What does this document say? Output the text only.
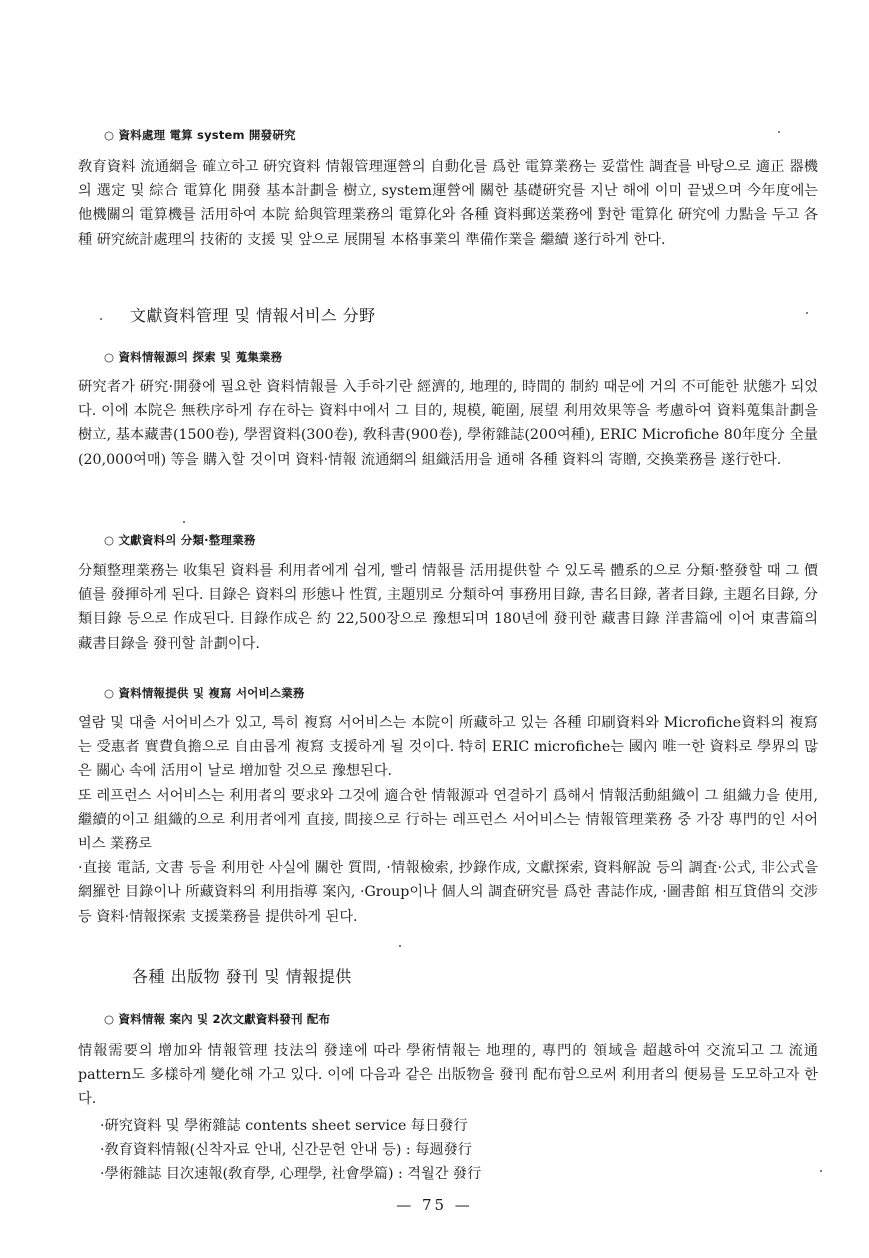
○ 資料處理 電算 system 開發硏究

敎育資料 流通網을 確立하고 硏究資料 情報管理運營의 自動化를 爲한 電算業務는 妥當性 調査를 바탕으로 適正 器機의 選定 및 綜合 電算化 開發 基本計劃을 樹立, system運營에 關한 基礎硏究를 지난 해에 이미 끝냈으며 今年度에는 他機關의 電算機를 活用하여 本院 給與管理業務의 電算化와 各種 資料郵送業務에 對한 電算化 硏究에 力點을 두고 各種 硏究統計處理의 技術的 支援 및 앞으로 展開될 本格事業의 準備作業을 繼續 遂行하게 한다.

文獻資料管理 및 情報서비스 分野
○ 資料情報源의 探索 및 蒐集業務

硏究者가 硏究·開發에 필요한 資料情報를 入手하기란 經濟的, 地理的, 時間的 制約 때문에 거의 不可能한 狀態가 되었다. 이에 本院은 無秩序하게 存在하는 資料中에서 그 目的, 規模, 範圍, 展望 利用效果等을 考慮하여 資料蒐集計劃을 樹立, 基本藏書(1500卷), 學習資料(300卷), 敎科書(900卷), 學術雜誌(200여種), ERIC Microfiche 80年度分 全量(20,000여매) 等을 購入할 것이며 資料·情報 流通網의 組織活用을 通해 各種 資料의 寄贈, 交換業務를 遂行한다.

○ 文獻資料의 分類·整理業務

分類整理業務는 收集된 資料를 利用者에게 쉽게, 빨리 情報를 活用提供할 수 있도록 體系的으로 分類·整發할 때 그 價値를 發揮하게 된다. 目錄은 資料의 形態나 性質, 主題別로 分類하여 事務用目錄, 書名目錄, 著者目錄, 主題名目錄, 分類目錄 등으로 作成된다. 目錄作成은 約 22,500장으로 豫想되며 180년에 發刊한 藏書目錄 洋書篇에 이어 東書篇의 藏書目錄을 發刊할 計劃이다.

○ 資料情報提供 및 複寫 서어비스業務

열람 및 대출 서어비스가 있고, 특히 複寫 서어비스는 本院이 所藏하고 있는 各種 印刷資料와 Microfiche資料의 複寫는 受惠者 實費負擔으로 自由롭게 複寫 支援하게 될 것이다. 特히 ERIC microfiche는 國內 唯一한 資料로 學界의 많은 關心 속에 活用이 날로 增加할 것으로 豫想된다.

또 레프런스 서어비스는 利用者의 要求와 그것에 適合한 情報源과 연결하기 爲해서 情報活動組織이 그 組織力을 使用, 繼續的이고 組織的으로 利用者에게 直接, 間接으로 行하는 레프런스 서어비스는 情報管理業務 중 가장 專門的인 서어비스 業務로

·直接 電話, 文書 등을 利用한 사실에 關한 質問, ·情報檢索, 抄錄作成, 文獻探索, 資料解說 등의 調査·公式, 非公式을 網羅한 目錄이나 所藏資料의 利用指導 案內, ·Group이나 個人의 調査硏究를 爲한 書誌作成, ·圖書館 相互貸借의 交涉 등 資料·情報探索 支援業務를 提供하게 된다.

各種 出版物 發刊 및 情報提供
○ 資料情報 案內 및 2次文獻資料發刊 配布

情報需要의 增加와 情報管理 技法의 發達에 따라 學術情報는 地理的, 專門的 領域을 超越하여 交流되고 그 流通 pattern도 多樣하게 變化해 가고 있다. 이에 다음과 같은 出版物을 發刊 配布함으로써 利用者의 便易를 도모하고자 한다.

·硏究資料 및 學術雜誌 contents sheet service 每日發行
·敎育資料情報(신착자료 안내, 신간문헌 안내 등) : 每週發行
·學術雜誌 目次速報(敎育學, 心理學, 社會學篇) : 격월간 發行
— 75 —
